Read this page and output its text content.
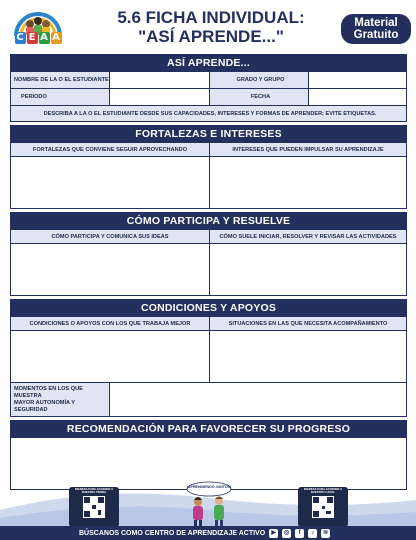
C E A A
5.6 FICHA INDIVIDUAL:
"ASÍ APRENDE..."
Material
Gratuito
ASÍ APRENDE...
NOMBRE DE LA O EL ESTUDIANTE	GRADO Y GRUPO
PERIODO	FECHA
DESCRIBA A LA O EL ESTUDIANTE DESDE SUS CAPACIDADES, INTERESES Y FORMAS DE APRENDER; EVITE ETIQUETAS.
FORTALEZAS E INTERESES
FORTALEZAS QUE CONVIENE SEGUIR APROVECHANDO	INTERESES QUE PUEDEN IMPULSAR SU APRENDIZAJE
CÓMO PARTICIPA Y RESUELVE
CÓMO PARTICIPA Y COMUNICA SUS IDEAS	CÓMO SUELE INICIAR, RESOLVER Y REVISAR LAS ACTIVIDADES
CONDICIONES Y APOYOS
CONDICIONES O APOYOS CON LOS QUE TRABAJA MEJOR	SITUACIONES EN LAS QUE NECESITA ACOMPAÑAMIENTO
MOMENTOS EN LOS QUE MUESTRA
MAYOR AUTONOMÍA Y SEGURIDAD
RECOMENDACIÓN PARA FAVORECER SU PROGRESO
INGRESA PARA ACCEDER A NUESTRA TIENDA
¡APRENDIENDO JUNTOS!	INGRESA PARA ACCEDER A NUESTRO CANAL
BÚSCANOS COMO CENTRO DE APRENDIZAJE ACTIVO	▶	◎	f	♪	≋
